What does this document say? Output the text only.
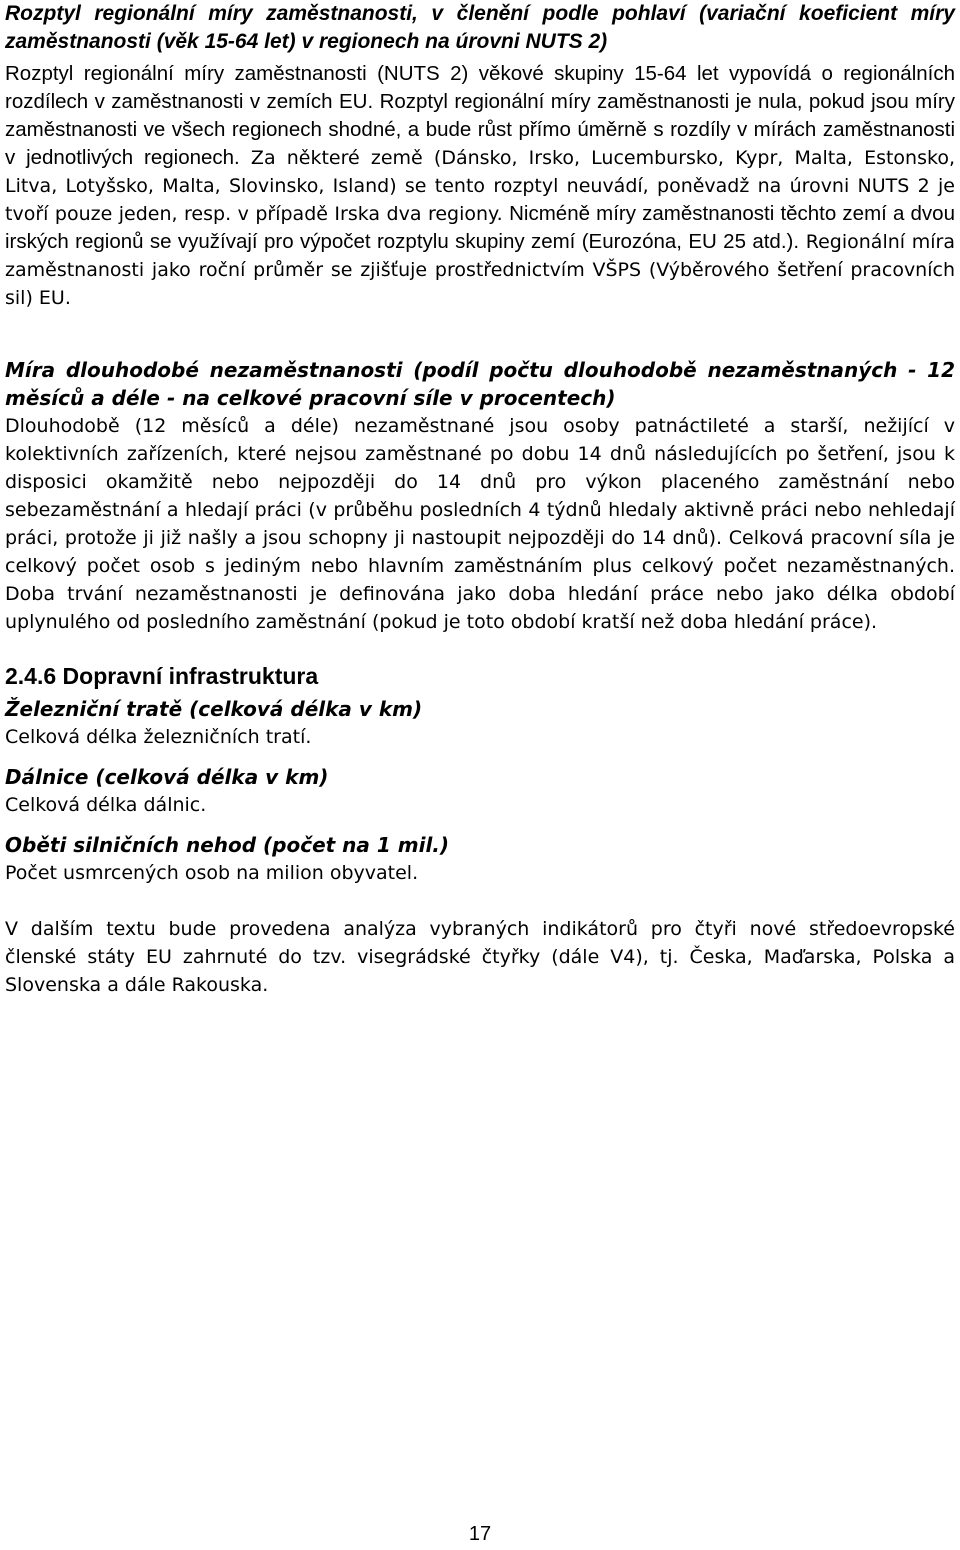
Rozptyl regionální míry zaměstnanosti, v členění podle pohlaví (variační koeficient míry zaměstnanosti (věk 15-64 let) v regionech na úrovni NUTS 2)

Rozptyl regionální míry zaměstnanosti (NUTS 2) věkové skupiny 15-64 let vypovídá o regionálních rozdílech v zaměstnanosti v zemích EU. Rozptyl regionální míry zaměstnanosti je nula, pokud jsou míry zaměstnanosti ve všech regionech shodné, a bude růst přímo úměrně s rozdíly v mírách zaměstnanosti v jednotlivých regionech. Za některé země (Dánsko, Irsko, Lucembursko, Kypr, Malta, Estonsko, Litva, Lotyšsko, Malta, Slovinsko, Island) se tento rozptyl neuvádí, poněvadž na úrovni NUTS 2 je tvoří pouze jeden, resp. v případě Irska dva regiony. Nicméně míry zaměstnanosti těchto zemí a dvou irských regionů se využívají pro výpočet rozptylu skupiny zemí (Eurozóna, EU 25 atd.). Regionální míra zaměstnanosti jako roční průměr se zjišťuje prostřednictvím VŠPS (Výběrového šetření pracovních sil) EU.

Míra dlouhodobé nezaměstnanosti (podíl počtu dlouhodobě nezaměstnaných - 12 měsíců a déle - na celkové pracovní síle v procentech)

Dlouhodobě (12 měsíců a déle) nezaměstnané jsou osoby patnáctileté a starší, nežijící v kolektivních zařízeních, které nejsou zaměstnané po dobu 14 dnů následujících po šetření, jsou k disposici okamžitě nebo nejpozději do 14 dnů pro výkon placeného zaměstnání nebo sebezaměstnání a hledají práci (v průběhu posledních 4 týdnů hledaly aktivně práci nebo nehledají práci, protože ji již našly a jsou schopny ji nastoupit nejpozději do 14 dnů). Celková pracovní síla je celkový počet osob s jediným nebo hlavním zaměstnáním plus celkový počet nezaměstnaných. Doba trvání nezaměstnanosti je definována jako doba hledání práce nebo jako délka období uplynulého od posledního zaměstnání (pokud je toto období kratší než doba hledání práce).

2.4.6 Dopravní infrastruktura

Železniční tratě (celková délka v km)

Celková délka železničních tratí.

Dálnice (celková délka v km)

Celková délka dálnic.

Oběti silničních nehod (počet na 1 mil.)

Počet usmrcených osob na milion obyvatel.

V dalším textu bude provedena analýza vybraných indikátorů pro čtyři nové středoevropské členské státy EU zahrnuté do tzv. visegrádské čtyřky (dále V4), tj. Česka, Maďarska, Polska a Slovenska a dále Rakouska.

17
